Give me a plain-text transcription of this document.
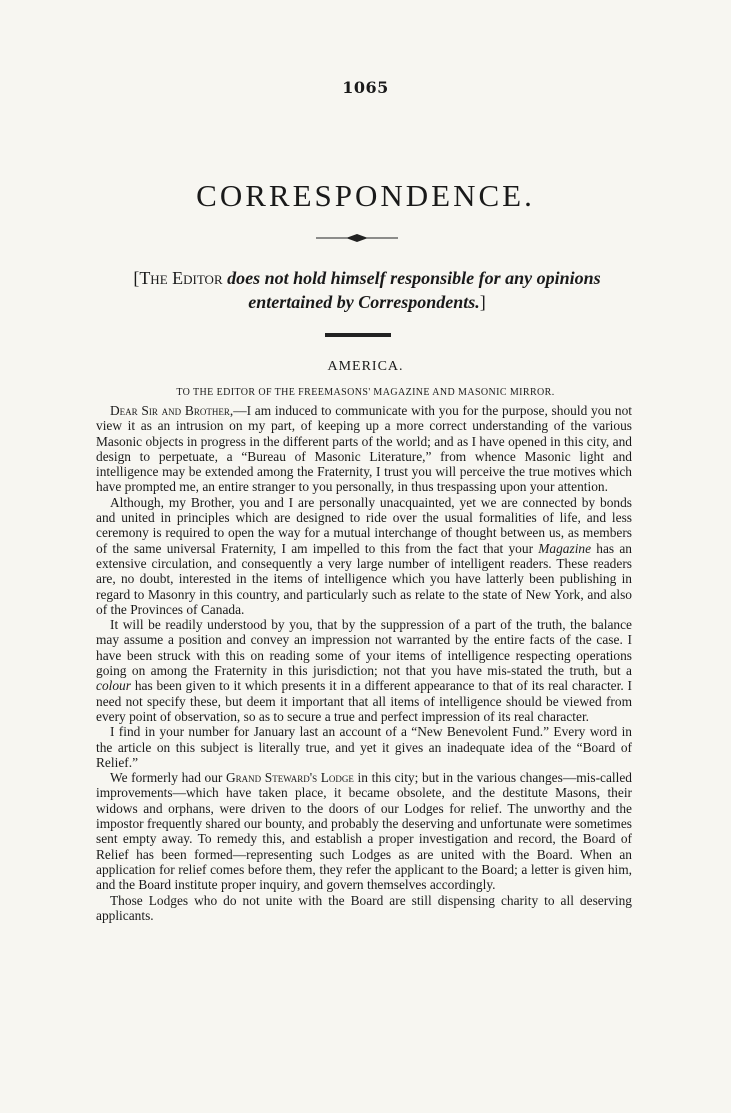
1065
CORRESPONDENCE.
[The Editor does not hold himself responsible for any opinions
entertained by Correspondents.]
AMERICA.
TO THE EDITOR OF THE FREEMASONS' MAGAZINE AND MASONIC MIRROR.

Dear Sir and Brother,—I am induced to communicate with you for the purpose, should you not view it as an intrusion on my part, of keeping up a more correct understanding of the various Masonic objects in progress in the different parts of the world; and as I have opened in this city, and design to perpetuate, a “Bureau of Masonic Literature,” from whence Masonic light and intelligence may be extended among the Fraternity, I trust you will perceive the true motives which have prompted me, an entire stranger to you personally, in thus trespassing upon your attention.

Although, my Brother, you and I are personally unacquainted, yet we are connected by bonds and united in principles which are designed to ride over the usual formalities of life, and less ceremony is required to open the way for a mutual interchange of thought between us, as members of the same universal Fraternity, I am impelled to this from the fact that your Magazine has an extensive circulation, and consequently a very large number of intelligent readers. These readers are, no doubt, interested in the items of intelligence which you have latterly been publishing in regard to Masonry in this country, and particularly such as relate to the state of New York, and also of the Provinces of Canada.

It will be readily understood by you, that by the suppression of a part of the truth, the balance may assume a position and convey an impression not warranted by the entire facts of the case. I have been struck with this on reading some of your items of intelligence respecting operations going on among the Fraternity in this jurisdiction; not that you have mis-stated the truth, but a colour has been given to it which presents it in a different appearance to that of its real character. I need not specify these, but deem it important that all items of intelligence should be viewed from every point of observation, so as to secure a true and perfect impression of its real character.

I find in your number for January last an account of a “New Benevolent Fund.” Every word in the article on this subject is literally true, and yet it gives an inadequate idea of the “Board of Relief.”

We formerly had our Grand Steward's Lodge in this city; but in the various changes—mis-called improvements—which have taken place, it became obsolete, and the destitute Masons, their widows and orphans, were driven to the doors of our Lodges for relief. The unworthy and the impostor frequently shared our bounty, and probably the deserving and unfortunate were sometimes sent empty away. To remedy this, and establish a proper investigation and record, the Board of Relief has been formed—representing such Lodges as are united with the Board. When an application for relief comes before them, they refer the applicant to the Board; a letter is given him, and the Board institute proper inquiry, and govern themselves accordingly.

Those Lodges who do not unite with the Board are still dispensing charity to all deserving applicants.
